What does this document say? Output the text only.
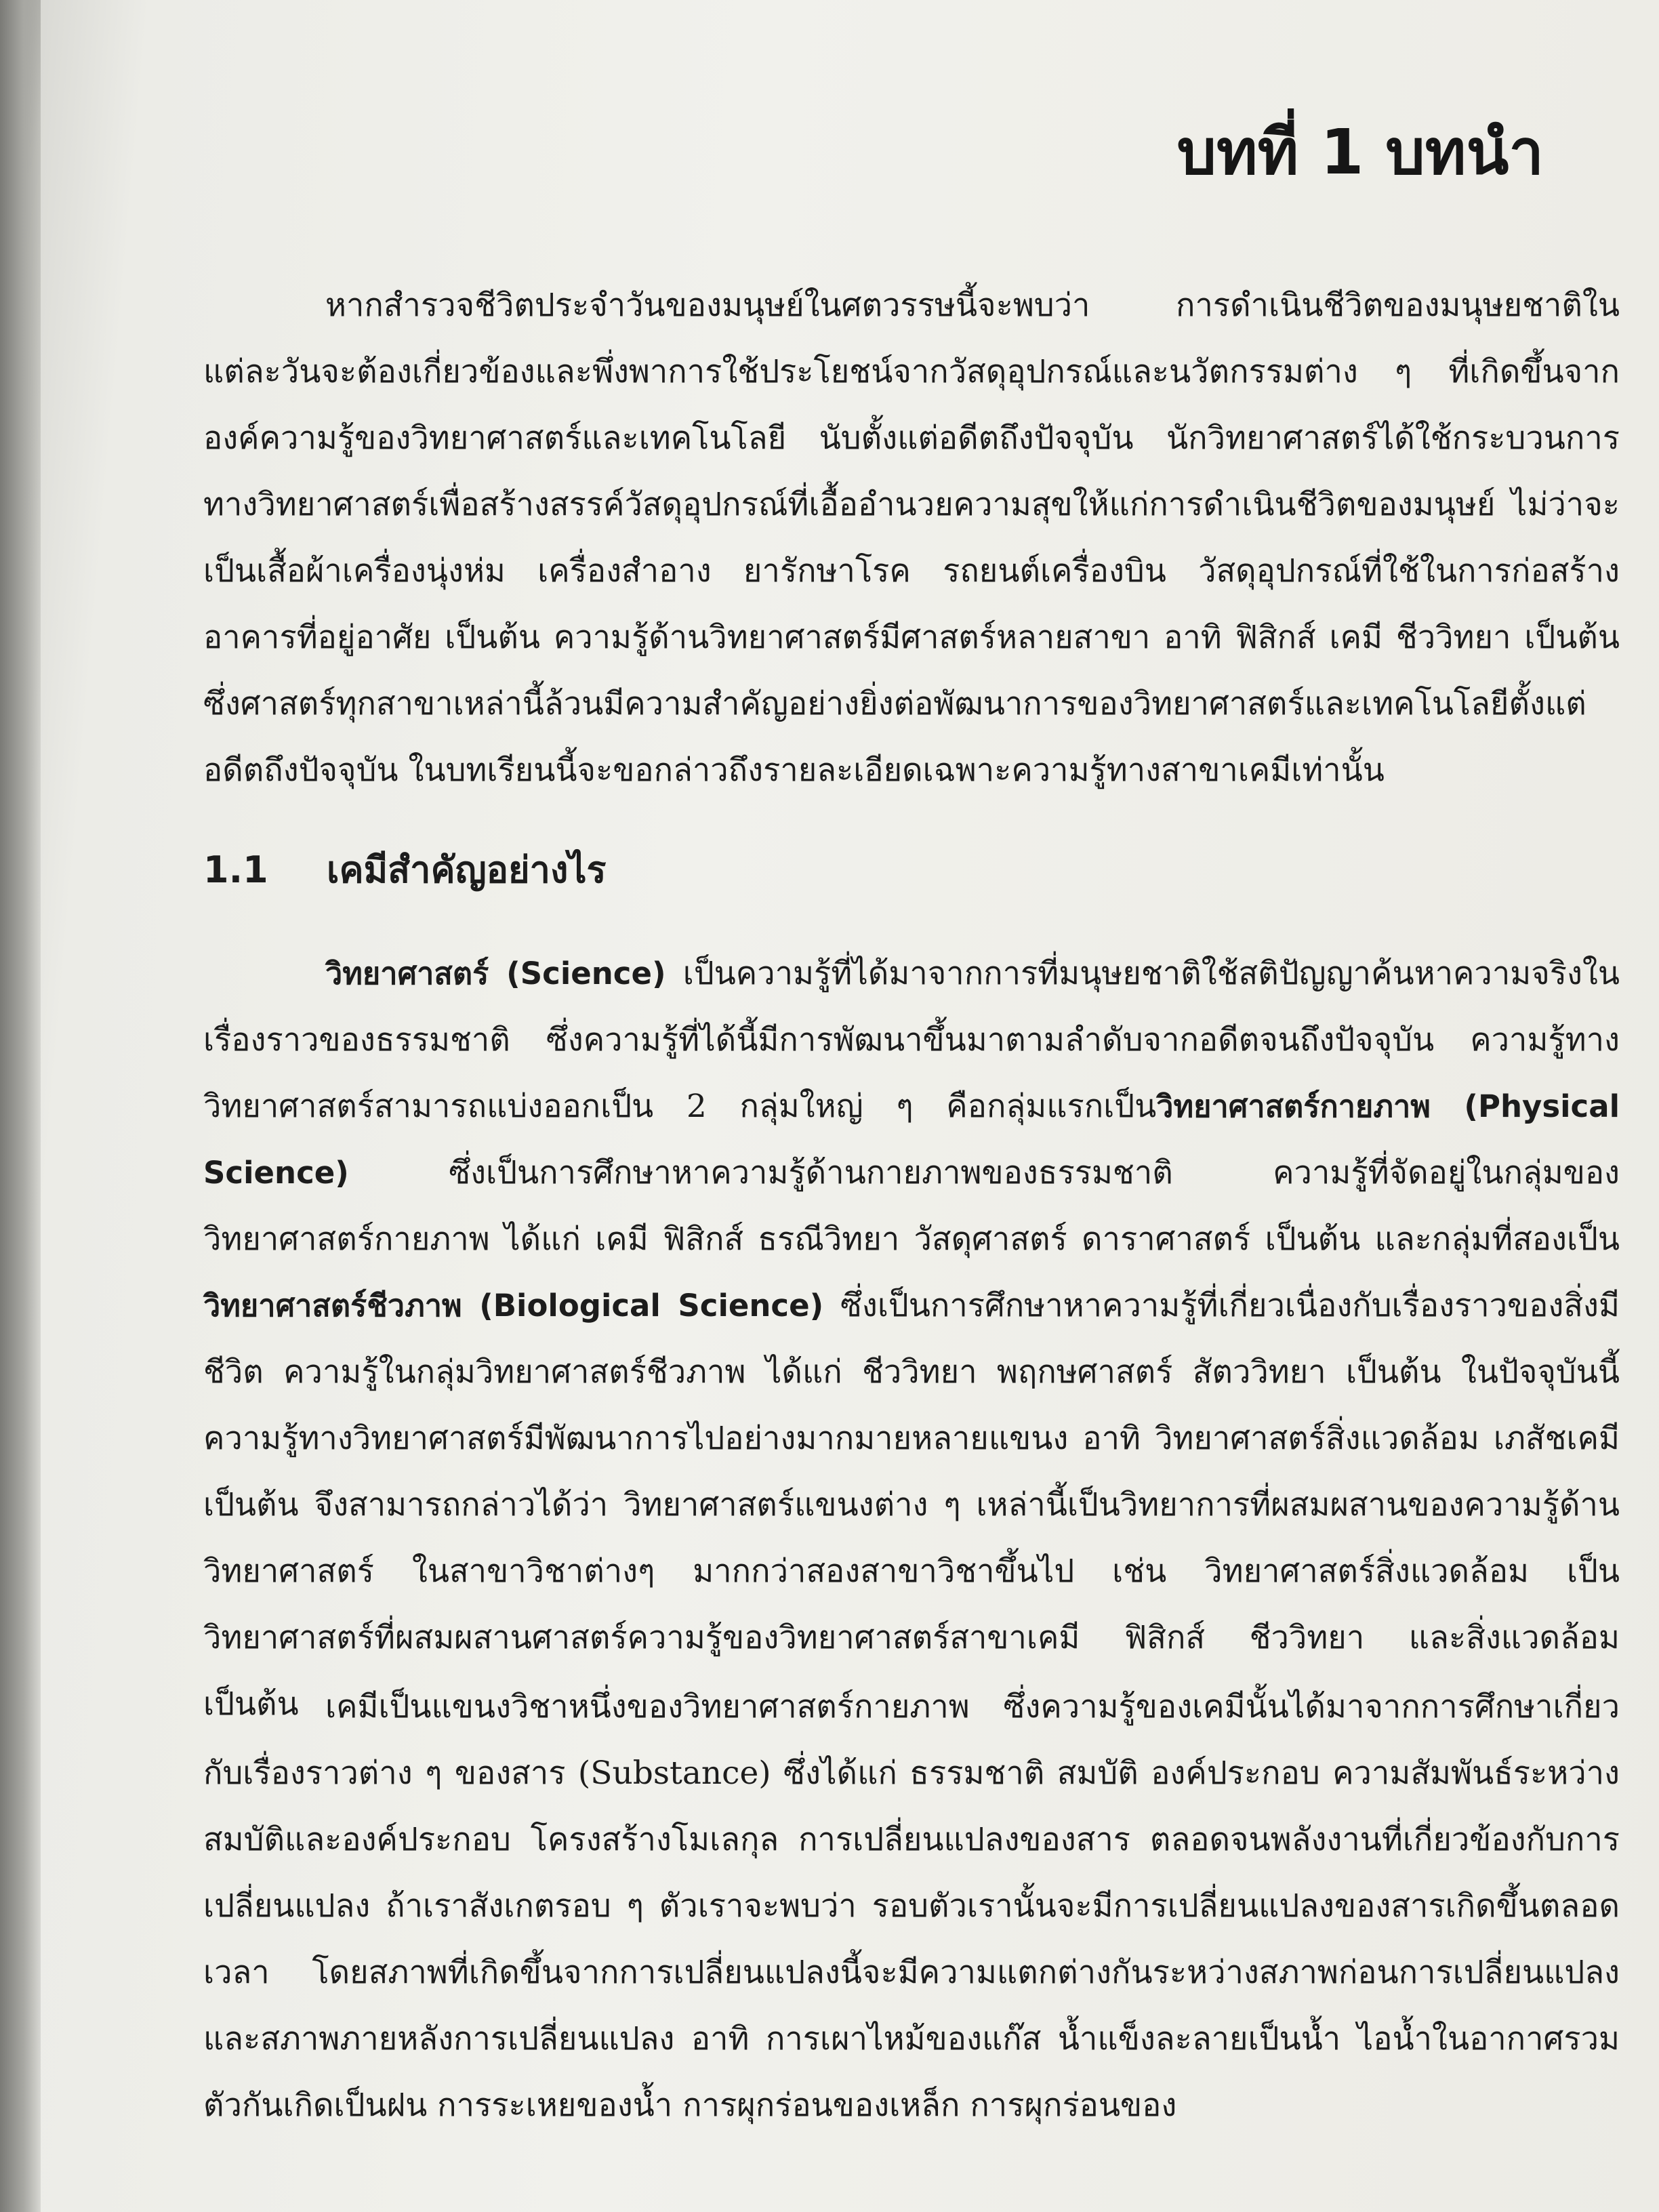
บทที่ 1 บทนำ

หากสำรวจชีวิตประจำวันของมนุษย์ในศตวรรษนี้จะพบว่า การดำเนินชีวิตของมนุษยชาติในแต่ละวันจะต้องเกี่ยวข้องและพึ่งพาการใช้ประโยชน์จากวัสดุอุปกรณ์และนวัตกรรมต่าง ๆ ที่เกิดขึ้นจากองค์ความรู้ของวิทยาศาสตร์และเทคโนโลยี นับตั้งแต่อดีตถึงปัจจุบัน นักวิทยาศาสตร์ได้ใช้กระบวนการทางวิทยาศาสตร์เพื่อสร้างสรรค์วัสดุอุปกรณ์ที่เอื้ออำนวยความสุขให้แก่การดำเนินชีวิตของมนุษย์ ไม่ว่าจะเป็นเสื้อผ้าเครื่องนุ่งห่ม เครื่องสำอาง ยารักษาโรค รถยนต์เครื่องบิน วัสดุอุปกรณ์ที่ใช้ในการก่อสร้างอาคารที่อยู่อาศัย เป็นต้น ความรู้ด้านวิทยาศาสตร์มีศาสตร์หลายสาขา อาทิ ฟิสิกส์ เคมี ชีววิทยา เป็นต้น ซึ่งศาสตร์ทุกสาขาเหล่านี้ล้วนมีความสำคัญอย่างยิ่งต่อพัฒนาการของวิทยาศาสตร์และเทคโนโลยีตั้งแต่อดีตถึงปัจจุบัน ในบทเรียนนี้จะขอกล่าวถึงรายละเอียดเฉพาะความรู้ทางสาขาเคมีเท่านั้น

1.1 เคมีสำคัญอย่างไร

วิทยาศาสตร์ (Science) เป็นความรู้ที่ได้มาจากการที่มนุษยชาติใช้สติปัญญาค้นหาความจริงในเรื่องราวของธรรมชาติ ซึ่งความรู้ที่ได้นี้มีการพัฒนาขึ้นมาตามลำดับจากอดีตจนถึงปัจจุบัน ความรู้ทางวิทยาศาสตร์สามารถแบ่งออกเป็น 2 กลุ่มใหญ่ ๆ คือกลุ่มแรกเป็นวิทยาศาสตร์กายภาพ (Physical Science) ซึ่งเป็นการศึกษาหาความรู้ด้านกายภาพของธรรมชาติ ความรู้ที่จัดอยู่ในกลุ่มของวิทยาศาสตร์กายภาพ ได้แก่ เคมี ฟิสิกส์ ธรณีวิทยา วัสดุศาสตร์ ดาราศาสตร์ เป็นต้น และกลุ่มที่สองเป็นวิทยาศาสตร์ชีวภาพ (Biological Science) ซึ่งเป็นการศึกษาหาความรู้ที่เกี่ยวเนื่องกับเรื่องราวของสิ่งมีชีวิต ความรู้ในกลุ่มวิทยาศาสตร์ชีวภาพ ได้แก่ ชีววิทยา พฤกษศาสตร์ สัตววิทยา เป็นต้น ในปัจจุบันนี้ ความรู้ทางวิทยาศาสตร์มีพัฒนาการไปอย่างมากมายหลายแขนง อาทิ วิทยาศาสตร์สิ่งแวดล้อม เภสัชเคมี เป็นต้น จึงสามารถกล่าวได้ว่า วิทยาศาสตร์แขนงต่าง ๆ เหล่านี้เป็นวิทยาการที่ผสมผสานของความรู้ด้านวิทยาศาสตร์ ในสาขาวิชาต่างๆ มากกว่าสองสาขาวิชาขึ้นไป เช่น วิทยาศาสตร์สิ่งแวดล้อม เป็นวิทยาศาสตร์ที่ผสมผสานศาสตร์ความรู้ของวิทยาศาสตร์สาขาเคมี ฟิสิกส์ ชีววิทยา และสิ่งแวดล้อม เป็นต้น เคมีเป็นแขนงวิชาหนึ่งของวิทยาศาสตร์กายภาพ ซึ่งความรู้ของเคมีนั้นได้มาจากการศึกษาเกี่ยวกับเรื่องราวต่าง ๆ ของสาร (Substance) ซึ่งได้แก่ ธรรมชาติ สมบัติ องค์ประกอบ ความสัมพันธ์ระหว่างสมบัติและองค์ประกอบ โครงสร้างโมเลกุล การเปลี่ยนแปลงของสาร ตลอดจนพลังงานที่เกี่ยวข้องกับการเปลี่ยนแปลง ถ้าเราสังเกตรอบ ๆ ตัวเราจะพบว่า รอบตัวเรานั้นจะมีการเปลี่ยนแปลงของสารเกิดขึ้นตลอดเวลา โดยสภาพที่เกิดขึ้นจากการเปลี่ยนแปลงนี้จะมีความแตกต่างกันระหว่างสภาพก่อนการเปลี่ยนแปลงและสภาพภายหลังการเปลี่ยนแปลง อาทิ การเผาไหม้ของแก๊ส น้ำแข็งละลายเป็นน้ำ ไอน้ำในอากาศรวมตัวกันเกิดเป็นฝน การระเหยของน้ำ การผุกร่อนของเหล็ก การผุกร่อนของ
